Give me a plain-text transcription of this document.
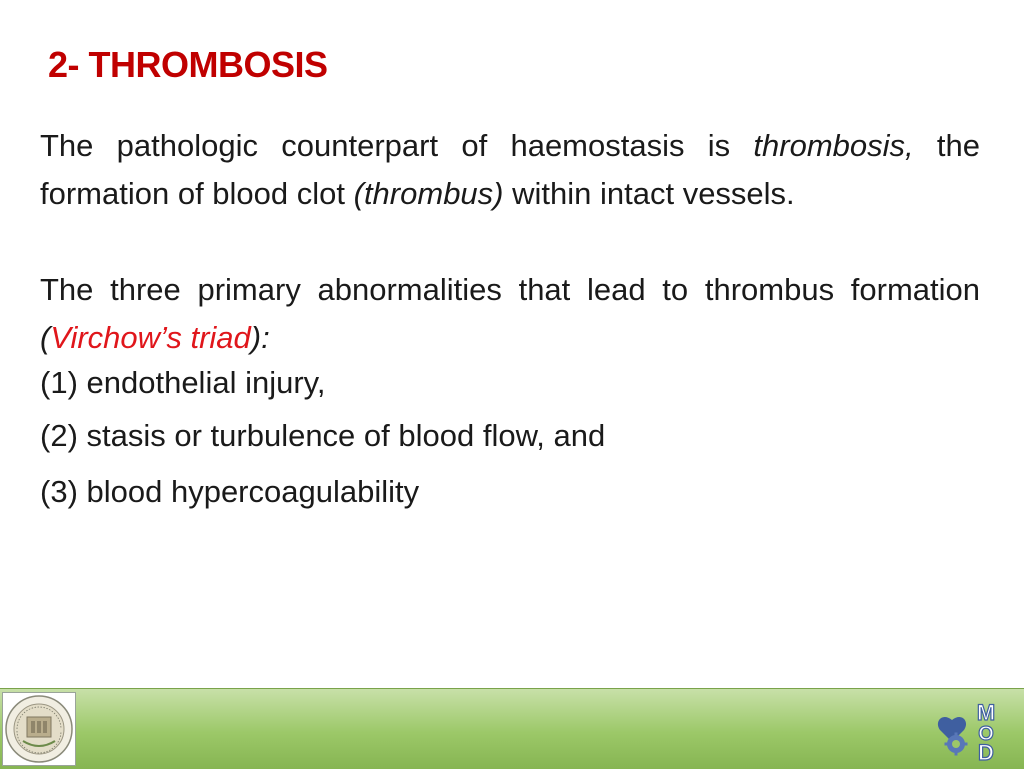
2- THROMBOSIS

The pathologic counterpart of haemostasis is thrombosis, the formation of blood clot (thrombus) within intact vessels.

The three primary abnormalities that lead to thrombus formation (Virchow’s triad):

(1) endothelial injury,

(2) stasis or turbulence of blood flow, and

(3) blood hypercoagulability

M
O
D
